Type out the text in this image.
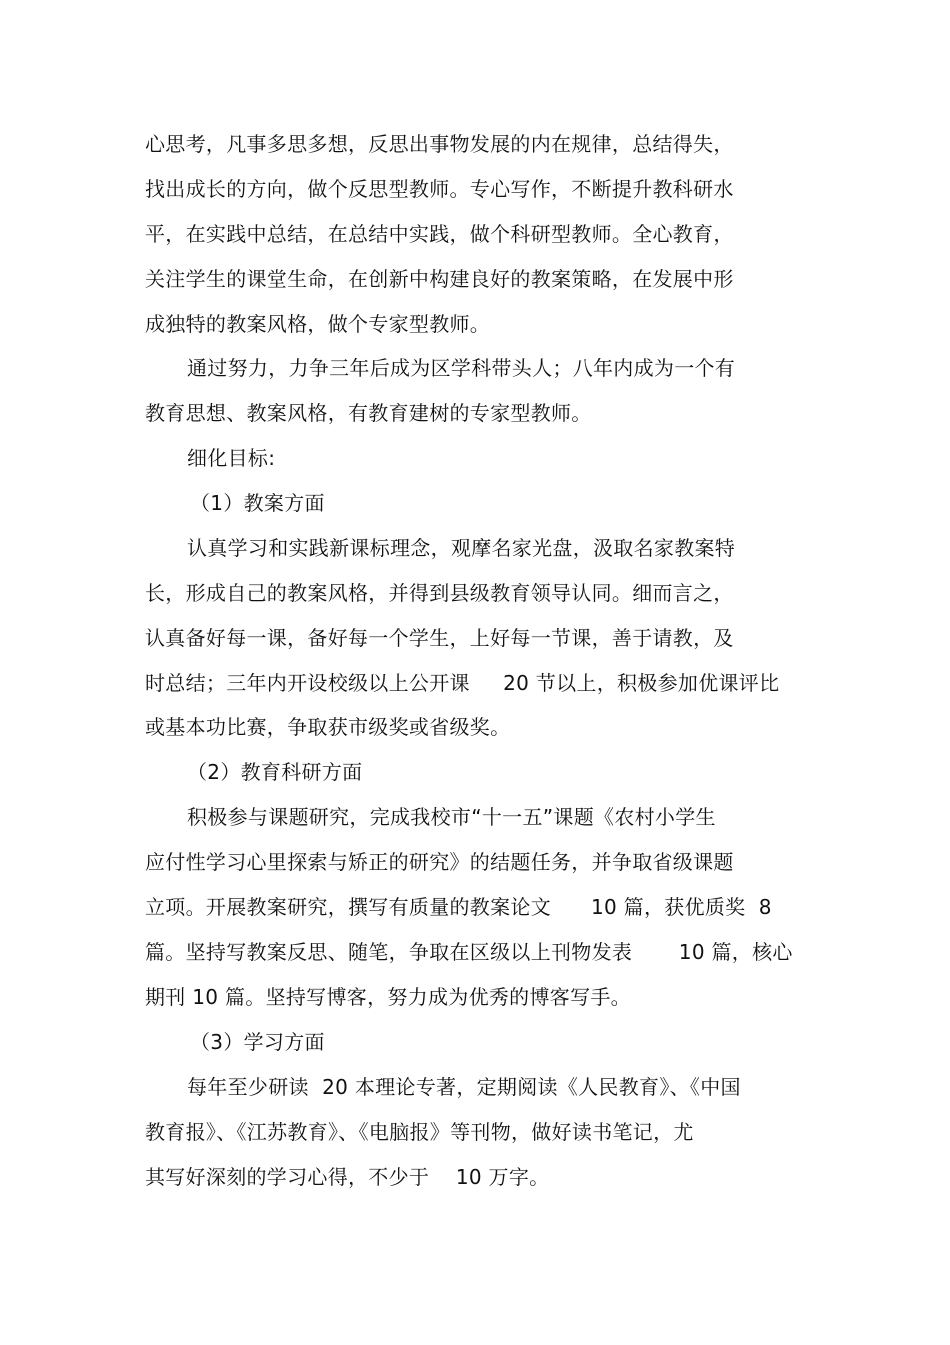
心思考，凡事多思多想，反思出事物发展的内在规律，总结得失，
找出成长的方向，做个反思型教师。专心写作，不断提升教科研水
平，在实践中总结，在总结中实践，做个科研型教师。全心教育，
关注学生的课堂生命，在创新中构建良好的教案策略，在发展中形
成独特的教案风格，做个专家型教师。
通过努力，力争三年后成为区学科带头人；八年内成为一个有
教育思想、教案风格，有教育建树的专家型教师。
细化目标:
（1）教案方面
认真学习和实践新课标理念，观摩名家光盘，汲取名家教案特
长，形成自己的教案风格，并得到县级教育领导认同。细而言之，
认真备好每一课，备好每一个学生，上好每一节课，善于请教，及
时总结；三年内开设校级以上公开课     20 节以上，积极参加优课评比
或基本功比赛，争取获市级奖或省级奖。
（2）教育科研方面
积极参与课题研究，完成我校市“十一五”课题《农村小学生
应付性学习心里探索与矫正的研究》的结题任务，并争取省级课题
立项。开展教案研究，撰写有质量的教案论文      10 篇，获优质奖  8
篇。坚持写教案反思、随笔，争取在区级以上刊物发表       10 篇，核心
期刊 10 篇。坚持写博客，努力成为优秀的博客写手。
（3）学习方面
每年至少研读  20 本理论专著，定期阅读《人民教育》、《中国
教育报》、《江苏教育》、《电脑报》等刊物，做好读书笔记，尤
其写好深刻的学习心得，不少于    10 万字。
